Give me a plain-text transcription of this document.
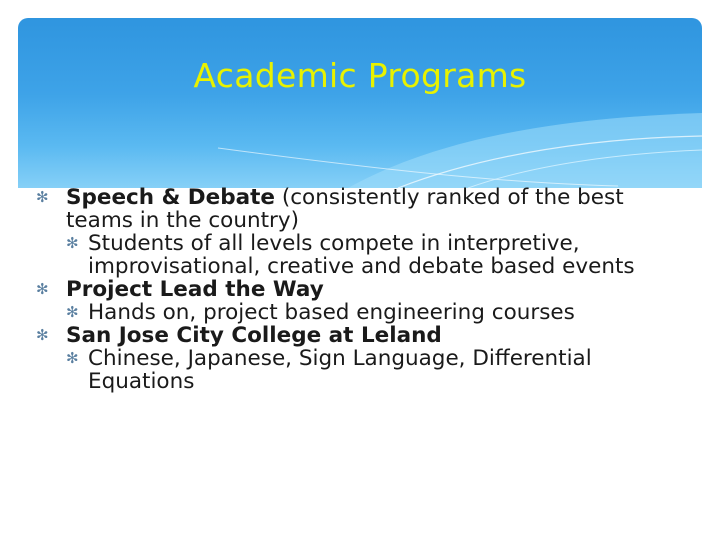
Academic Programs

✻ Speech & Debate (consistently ranked of the best teams in the country)

✻ Students of all levels compete in interpretive, improvisational, creative and debate based events

✻ Project Lead the Way

✻ Hands on, project based engineering courses

✻ San Jose City College at Leland

✻ Chinese, Japanese, Sign Language, Differential Equations
